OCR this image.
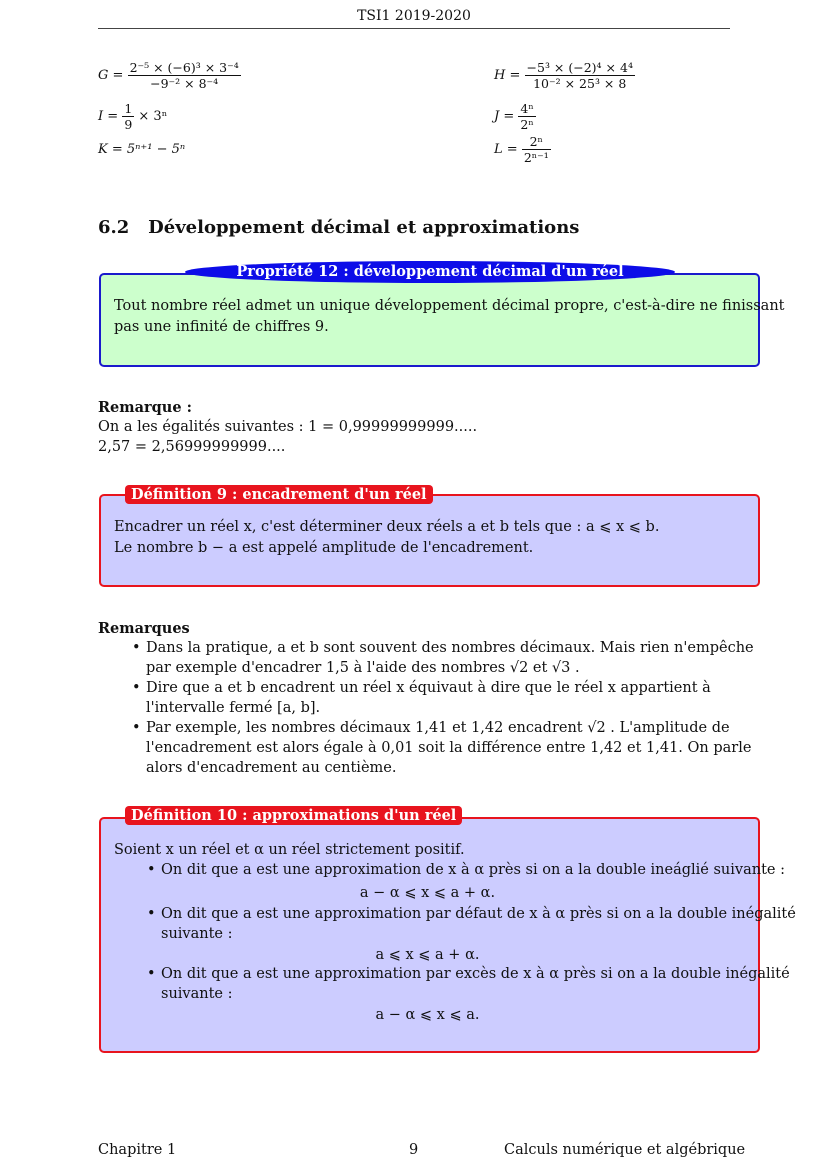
TSI1 2019-2020
$G = \frac{\text{2⁻⁵ × (−6)³ × 3⁻⁴}}{\text{−9⁻² × 8⁻⁴}}$	$H = \frac{\text{−5³ × (−2)⁴ × 4⁴}}{\text{10⁻² × 25³ × 8}}$
$I = \frac{1}{9} \times 3^n$	$J = \frac{\text{4ⁿ}}{\text{2ⁿ}}$
K = 5ⁿ⁺¹ − 5ⁿ	$L = \frac{\text{2ⁿ}}{\text{2ⁿ⁻¹}}$
6.2 Développement décimal et approximations
Propriété 12 : développement décimal d'un réel
Tout nombre réel admet un unique développement décimal propre, c'est-à-dire ne finissant
pas une infinité de chiffres 9.
Remarque :
On a les égalités suivantes : 1 = 0,99999999999.....
2,57 = 2,56999999999....
Définition 9 : encadrement d'un réel
Encadrer un réel x, c'est déterminer deux réels a et b tels que : a ⩽ x ⩽ b.
Le nombre b − a est appelé amplitude de l'encadrement.
Remarques
• Dans la pratique, a et b sont souvent des nombres décimaux. Mais rien n'empêche
par exemple d'encadrer 1,5 à l'aide des nombres √2 et √3 .
• Dire que a et b encadrent un réel x équivaut à dire que le réel x appartient à
l'intervalle fermé [a, b].
• Par exemple, les nombres décimaux 1,41 et 1,42 encadrent √2 . L'amplitude de
l'encadrement est alors égale à 0,01 soit la différence entre 1,42 et 1,41. On parle
alors d'encadrement au centième.
Définition 10 : approximations d'un réel
Soient x un réel et α un réel strictement positif.
• On dit que a est une approximation de x à α près si on a la double ineáglié suivante :
a − α ⩽ x ⩽ a + α.
• On dit que a est une approximation par défaut de x à α près si on a la double inégalité
suivante :
a ⩽ x ⩽ a + α.
• On dit que a est une approximation par excès de x à α près si on a la double inégalité
suivante :
a − α ⩽ x ⩽ a.
Chapitre 1	9	Calculs numérique et algébrique
